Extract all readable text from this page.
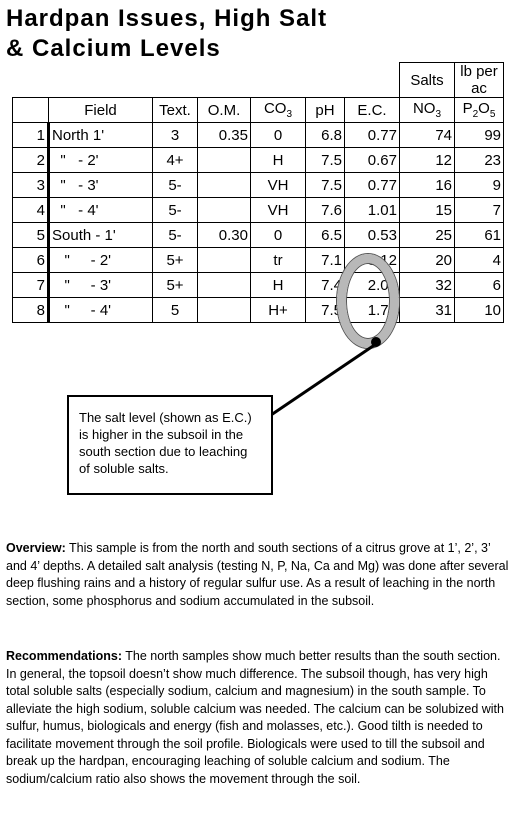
Hardpan Issues, High Salt
& Calcium Levels
							Salts	lb per ac
	Field	Text.	O.M.	$CO_3$	pH	E.C.	$NO_3$	$P_2O_5$
1	North 1'	3	0.35	0	6.8	0.77	74	99
2	"   - 2'	4+		H	7.5	0.67	12	23
3	"   - 3'	5-		VH	7.5	0.77	16	9
4	"   - 4'	5-		VH	7.6	1.01	15	7
5	South - 1'	5-	0.30	0	6.5	0.53	25	61
6	"     - 2'	5+		tr	7.1	3.12	20	4
7	"     - 3'	5+		H	7.4	2.06	32	6
8	"     - 4'	5		H+	7.5	1.73	31	10
The salt level (shown as E.C.) is higher in the subsoil in the south section due to leaching of soluble salts.
Overview: This sample is from the north and south sections of a citrus grove at 1’, 2’, 3’ and 4’ depths. A detailed salt analysis (testing N, P, Na, Ca and Mg) was done after several deep flushing rains and a history of regular sulfur use. As a result of leaching in the north section, some phosphorus and sodium accumulated in the subsoil.
Recommendations: The north samples show much better results than the south section. In general, the topsoil doesn’t show much difference. The subsoil though, has very high total soluble salts (especially sodium, calcium and magnesium) in the south sample. To alleviate the high sodium, soluble calcium was needed. The calcium can be solubized with sulfur, humus, biologicals and energy (fish and molasses, etc.). Good tilth is needed to facilitate movement through the soil profile. Biologicals were used to till the subsoil and break up the hardpan, encouraging leaching of soluble calcium and sodium. The sodium/calcium ratio also shows the movement through the soil.
